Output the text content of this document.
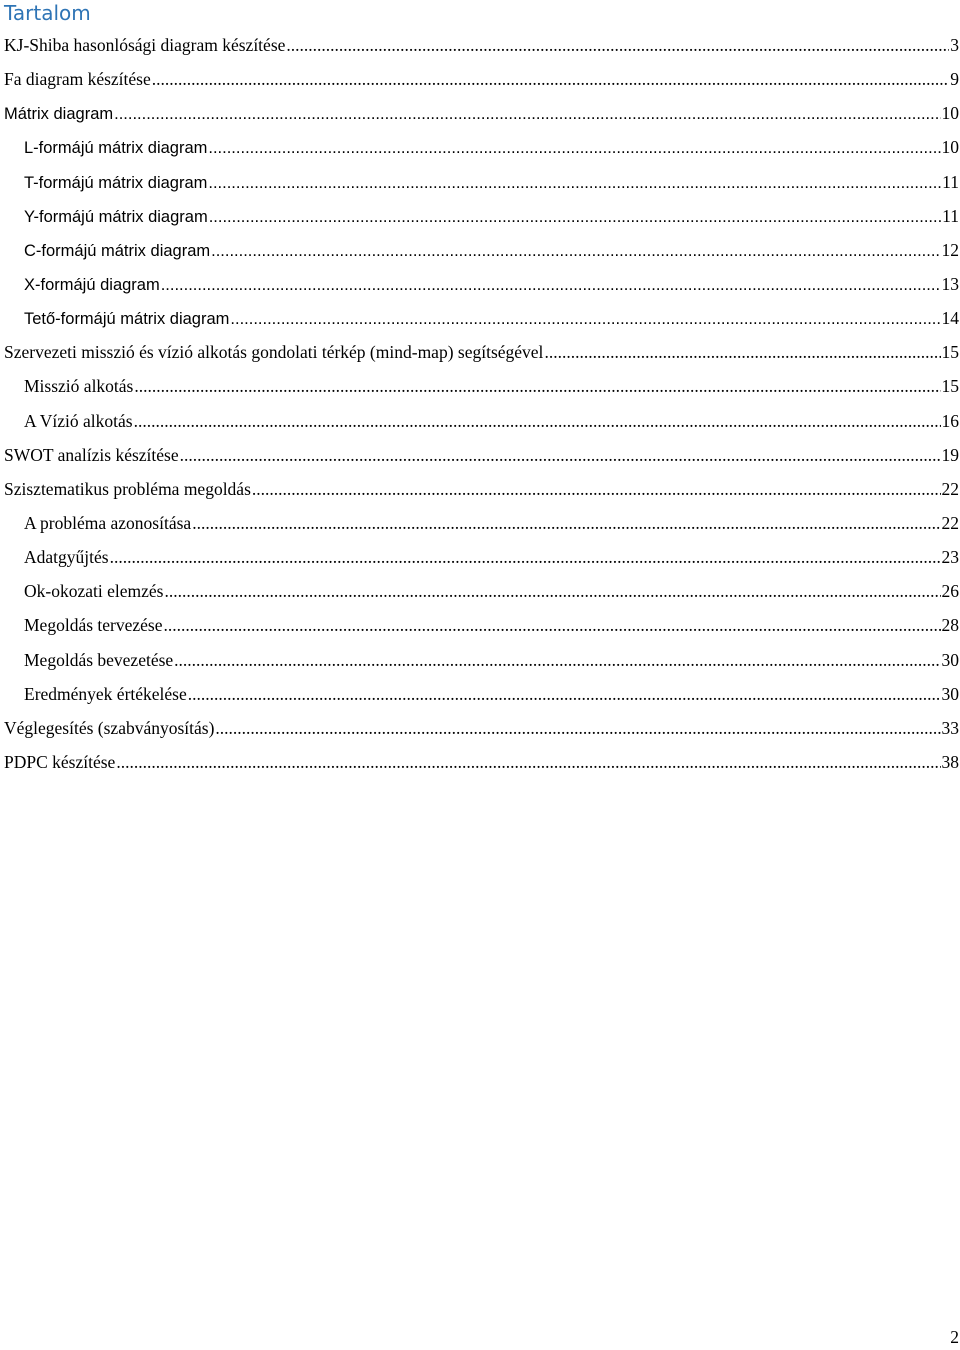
Tartalom
KJ-Shiba hasonlósági diagram készítése .....	3
Fa diagram készítése .....	9
Mátrix diagram .....	10
L-formájú mátrix diagram .....	10
T-formájú mátrix diagram .....	11
Y-formájú mátrix diagram .....	11
C-formájú mátrix diagram .....	12
X-formájú diagram .....	13
Tető-formájú mátrix diagram .....	14
Szervezeti misszió és vízió alkotás gondolati térkép (mind-map) segítségével .....	15
Misszió alkotás .....	15
A Vízió alkotás .....	16
SWOT analízis készítése .....	19
Szisztematikus probléma megoldás .....	22
A probléma azonosítása .....	22
Adatgyűjtés .....	23
Ok-okozati elemzés .....	26
Megoldás tervezése .....	28
Megoldás bevezetése .....	30
Eredmények értékelése .....	30
Véglegesítés (szabványosítás) .....	33
PDPC készítése .....	38
2
